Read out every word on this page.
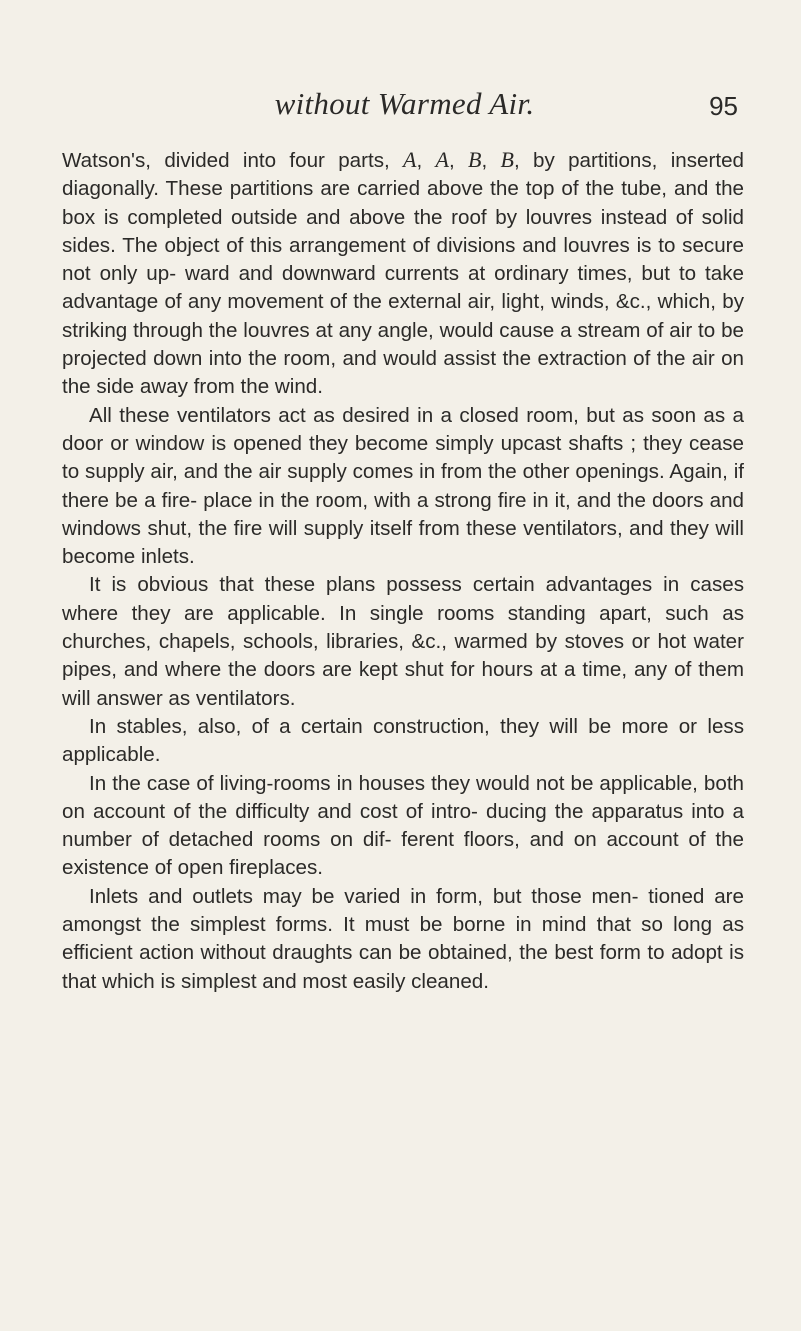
without Warmed Air.	95

Watson's, divided into four parts, A, A, B, B, by partitions, inserted diagonally. These partitions are carried above the top of the tube, and the box is completed outside and above the roof by louvres instead of solid sides. The object of this arrangement of divisions and louvres is to secure not only up- ward and downward currents at ordinary times, but to take advantage of any movement of the external air, light, winds, &c., which, by striking through the louvres at any angle, would cause a stream of air to be projected down into the room, and would assist the extraction of the air on the side away from the wind.

All these ventilators act as desired in a closed room, but as soon as a door or window is opened they become simply upcast shafts ; they cease to supply air, and the air supply comes in from the other openings. Again, if there be a fire- place in the room, with a strong fire in it, and the doors and windows shut, the fire will supply itself from these ventilators, and they will become inlets.

It is obvious that these plans possess certain advantages in cases where they are applicable. In single rooms standing apart, such as churches, chapels, schools, libraries, &c., warmed by stoves or hot water pipes, and where the doors are kept shut for hours at a time, any of them will answer as ventilators.

In stables, also, of a certain construction, they will be more or less applicable.

In the case of living-rooms in houses they would not be applicable, both on account of the difficulty and cost of intro- ducing the apparatus into a number of detached rooms on dif- ferent floors, and on account of the existence of open fireplaces.

Inlets and outlets may be varied in form, but those men- tioned are amongst the simplest forms. It must be borne in mind that so long as efficient action without draughts can be obtained, the best form to adopt is that which is simplest and most easily cleaned.
